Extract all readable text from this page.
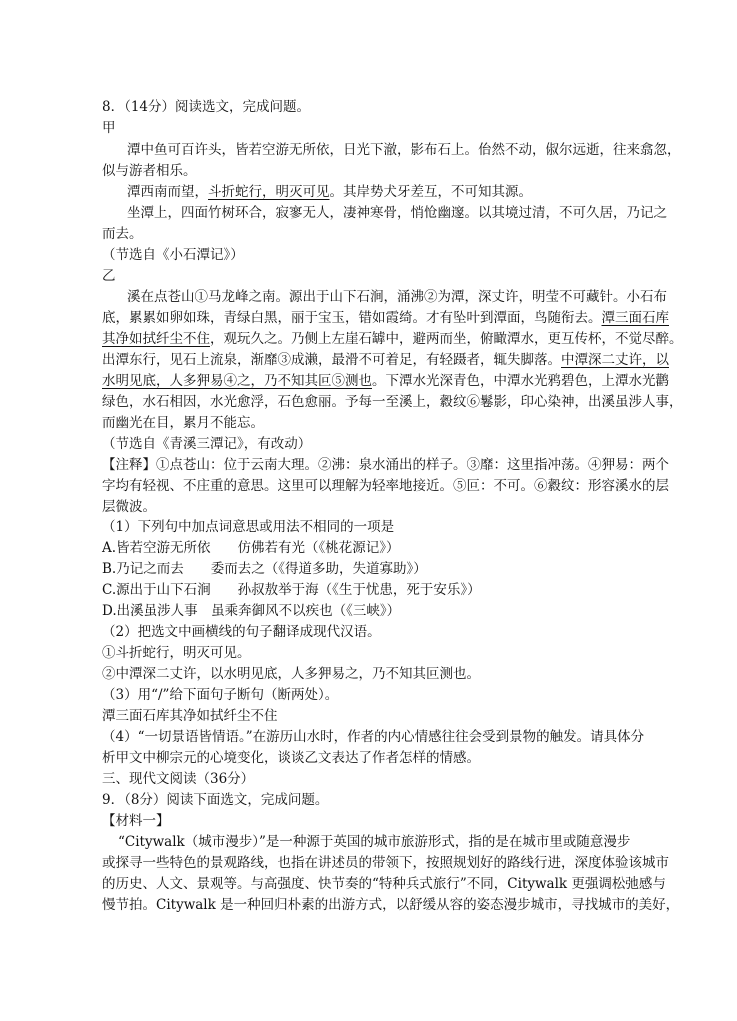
8．（14分）阅读选文，完成问题。
甲
潭中鱼可百许头，皆若空游无所依，日光下澈，影布石上。佁然不动，俶尔远逝，往来翕忽，
似与游者相乐。
潭西南而望，斗折蛇行，明灭可见。其岸势犬牙差互，不可知其源。
坐潭上，四面竹树环合，寂寥无人，凄神寒骨，悄怆幽邃。以其境过清，不可久居，乃记之
而去。
（节选自《小石潭记》）
乙
溪在点苍山①马龙峰之南。源出于山下石涧，涌沸②为潭，深丈许，明莹不可藏针。小石布
底，累累如卵如珠，青绿白黑，丽于宝玉，错如霞绮。才有坠叶到潭面，鸟随衔去。潭三面石库
其净如拭纤尘不住，观玩久之。乃侧上左崖石罅中，避两而坐，俯瞰潭水，更互传杯，不觉尽醉。
出潭东行，见石上流泉，渐靡③成濑，最滑不可着足，有轻蹑者，辄失脚落。中潭深二丈许，以
水明见底，人多狎易④之，乃不知其叵⑤测也。下潭水光深青色，中潭水光鸦碧色，上潭水光鹳
绿色，水石相因，水光愈浮，石色愈丽。予每一至溪上，縠纹⑥鬈影，印心染神，出溪虽涉人事，
而幽光在目，累月不能忘。
（节选自《青溪三潭记》，有改动）
【注释】①点苍山：位于云南大理。②沸：泉水涌出的样子。③靡：这里指冲荡。④狎易：两个
字均有轻视、不庄重的意思。这里可以理解为轻率地接近。⑤叵：不可。⑥縠纹：形容溪水的层
层微波。
（1）下列句中加点词意思或用法不相同的一项是
A.皆若空游无所依　　仿佛若有光（《桃花源记》）
B.乃记之而去　　委而去之（《得道多助，失道寡助》）
C.源出于山下石涧　　孙叔敖举于海（《生于忧患，死于安乐》）
D.出溪虽涉人事　虽乘奔御风不以疾也（《三峡》）
（2）把选文中画横线的句子翻译成现代汉语。
①斗折蛇行，明灭可见。
②中潭深二丈许，以水明见底，人多狎易之，乃不知其叵测也。
（3）用“/”给下面句子断句（断两处）。
潭三面石库其净如拭纤尘不住
（4）“一切景语皆情语。”在游历山水时，作者的内心情感往往会受到景物的触发。请具体分
析甲文中柳宗元的心境变化，谈谈乙文表达了作者怎样的情感。
三、现代文阅读（36分）
9．（8分）阅读下面选文，完成问题。
【材料一】
“Citywalk（城市漫步）”是一种源于英国的城市旅游形式，指的是在城市里或随意漫步
或探寻一些特色的景观路线，也指在讲述员的带领下，按照规划好的路线行进，深度体验该城市
的历史、人文、景观等。与高强度、快节奏的“特种兵式旅行”不同，Citywalk 更强调松弛感与
慢节拍。Citywalk 是一种回归朴素的出游方式，以舒缓从容的姿态漫步城市，寻找城市的美好，
